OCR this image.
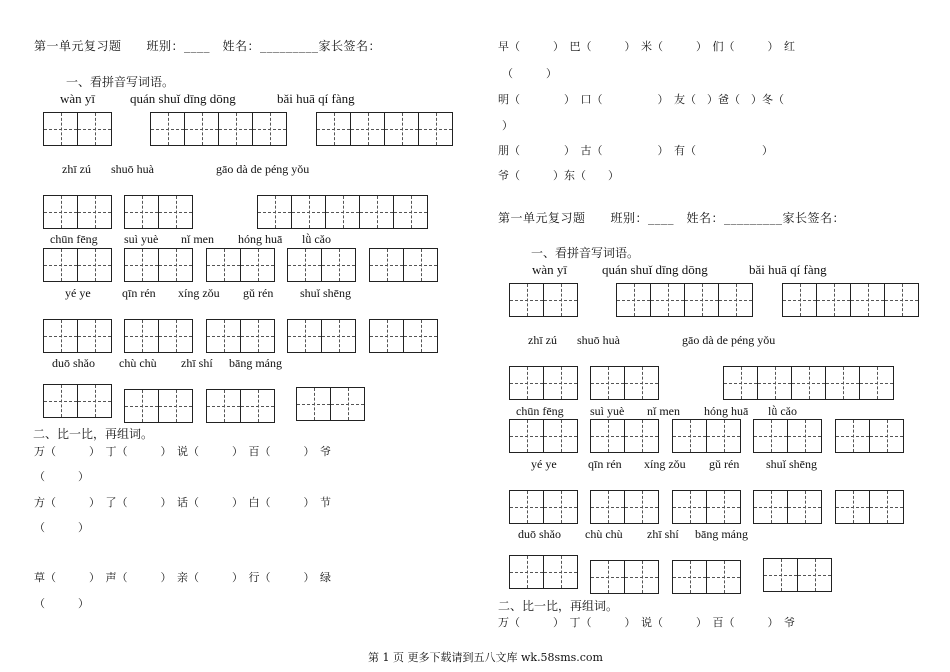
第一单元复习题　　班别：____　姓名：_________家长签名：
一、看拼音写词语。
wàn yī	quán shuǐ dīng dōng	bǎi huā qí fàng
zhī zú shuō huà	gāo dà de péng yǒu
chūn fēng suì yuè nǐ men hóng huā lǜ cǎo
yé ye	qīn rén xíng zǒu gǔ rén shuǐ shēng
duō shǎo chù chù zhī shí bāng máng
二、比一比，再组词。
万（　　　）　丁（　　　）　说（　　　）　百（　　　）　爷
（　　　）
方（　　　）　了（　　　）　话（　　　）　白（　　　）　节
（　　　）
草（　　　）　声（　　　）　亲（　　　）　行（　　　）　绿
（　　　）
早（　　　）　巴（　　　）　米（　　　）　们（　　　）　红
（　　　）
明（　　　　）　口（　　　　　）　友（　）爸（　）冬（
）
朋（　　　　）　古（　　　　　）　有（　　　　　　）
爷（　　　）东（　　）
第一单元复习题　　班别：____　姓名：_________家长签名：
一、看拼音写词语。
wàn yī	quán shuǐ dīng dōng	bǎi huā qí fàng
zhī zú shuō huà	gāo dà de péng yǒu
chūn fēng suì yuè nǐ men hóng huā lǜ cǎo
yé ye	qīn rén xíng zǒu gǔ rén shuǐ shēng
duō shǎo chù chù zhī shí bāng máng
二、比一比，再组词。
万（　　　）　丁（　　　）　说（　　　）　百（　　　）　爷
第 1 页 更多下载请到五八文库 wk.58sms.com
